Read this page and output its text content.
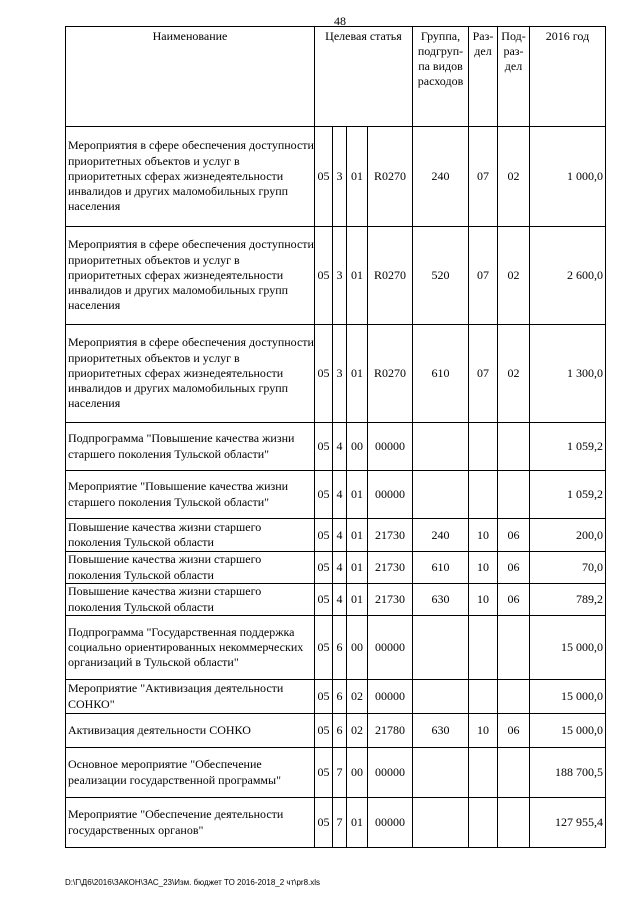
48
Наименование	Целевая статья				Группа, подгруп- па видов расходов	Раз- дел	Под- раз- дел	2016 год

Мероприятия в сфере обеспечения доступности приоритетных объектов и услуг в приоритетных сферах жизнедеятельности инвалидов и других маломобильных групп населения	05	3	01	R0270	240	07	02	1 000,0
Мероприятия в сфере обеспечения доступности приоритетных объектов и услуг в приоритетных сферах жизнедеятельности инвалидов и других маломобильных групп населения	05	3	01	R0270	520	07	02	2 600,0
Мероприятия в сфере обеспечения доступности приоритетных объектов и услуг в приоритетных сферах жизнедеятельности инвалидов и других маломобильных групп населения	05	3	01	R0270	610	07	02	1 300,0
Подпрограмма "Повышение качества жизни старшего поколения Тульской области"	05	4	00	00000				1 059,2
Мероприятие "Повышение качества жизни старшего поколения Тульской области"	05	4	01	00000				1 059,2
Повышение качества жизни старшего поколения Тульской области	05	4	01	21730	240	10	06	200,0
Повышение качества жизни старшего поколения Тульской области	05	4	01	21730	610	10	06	70,0
Повышение качества жизни старшего поколения Тульской области	05	4	01	21730	630	10	06	789,2
Подпрограмма "Государственная поддержка социально ориентированных некоммерческих организаций в Тульской области"	05	6	00	00000				15 000,0
Мероприятие "Активизация деятельности СОНКО"	05	6	02	00000				15 000,0
Активизация деятельности СОНКО	05	6	02	21780	630	10	06	15 000,0
Основное мероприятие "Обеспечение реализации государственной программы"	05	7	00	00000				188 700,5
Мероприятие "Обеспечение деятельности государственных органов"	05	7	01	00000				127 955,4
D:\Г\Д6\2016\ЗАКОН\ЗАС_23\Изм. бюджет ТО 2016-2018_2 чт\pr8.xls
